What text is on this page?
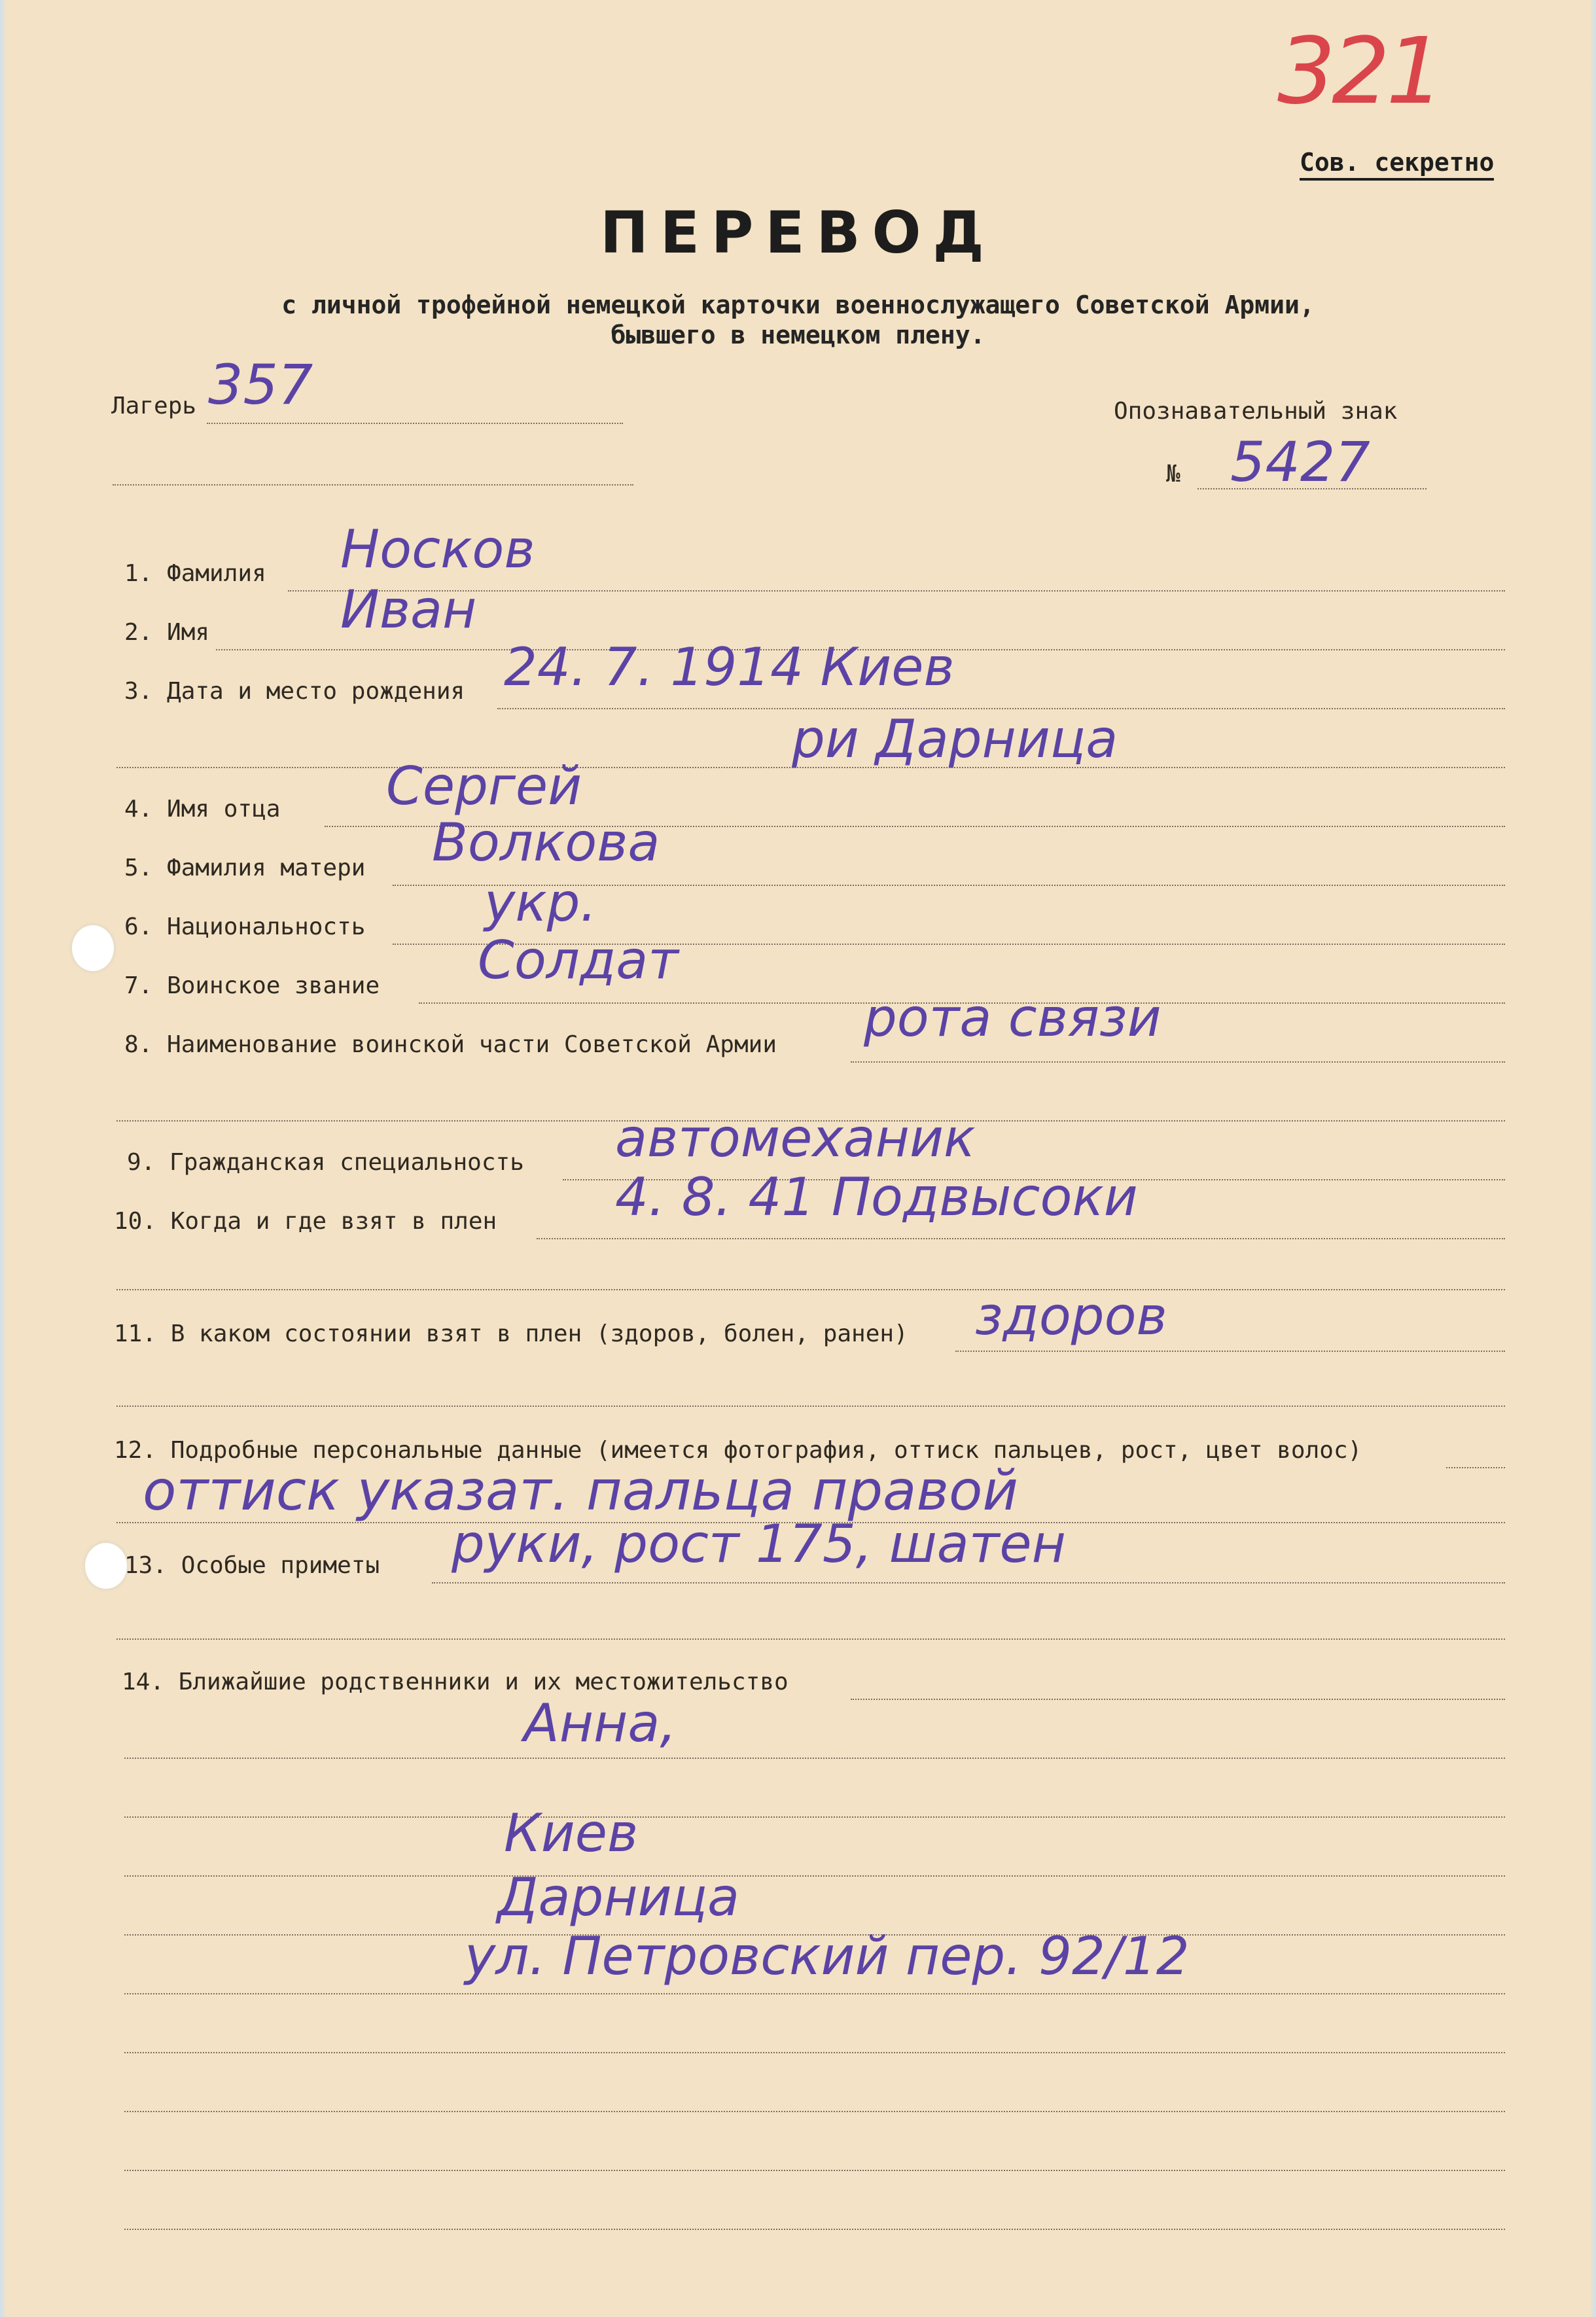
321
Сов. секретно
ПЕРЕВОД
с личной трофейной немецкой карточки военнослужащего Советской Армии,
бывшего в немецком плену.
Лагерь 357	Опознавательный знак
№ 5427
1. Фамилия Носков
2. Имя Иван
3. Дата и место рождения 24. 7. 1914 Киев
ри Дарница
4. Имя отца Сергей
5. Фамилия матери Волкова
6. Национальность укр.
7. Воинское звание Солдат
8. Наименование воинской части Советской Армии рота связи
9. Гражданская специальность автомеханик
10. Когда и где взят в плен 4. 8. 41 Подвысоки
11. В каком состоянии взят в плен (здоров, болен, ранен) здоров
12. Подробные персональные данные (имеется фотография, оттиск пальцев, рост, цвет волос)
оттиск указат. пальца правой
13. Особые приметы руки, рост 175, шатен
14. Ближайшие родственники и их местожительство
Анна,
Киев
Дарница
ул. Петровский пер. 92/12
